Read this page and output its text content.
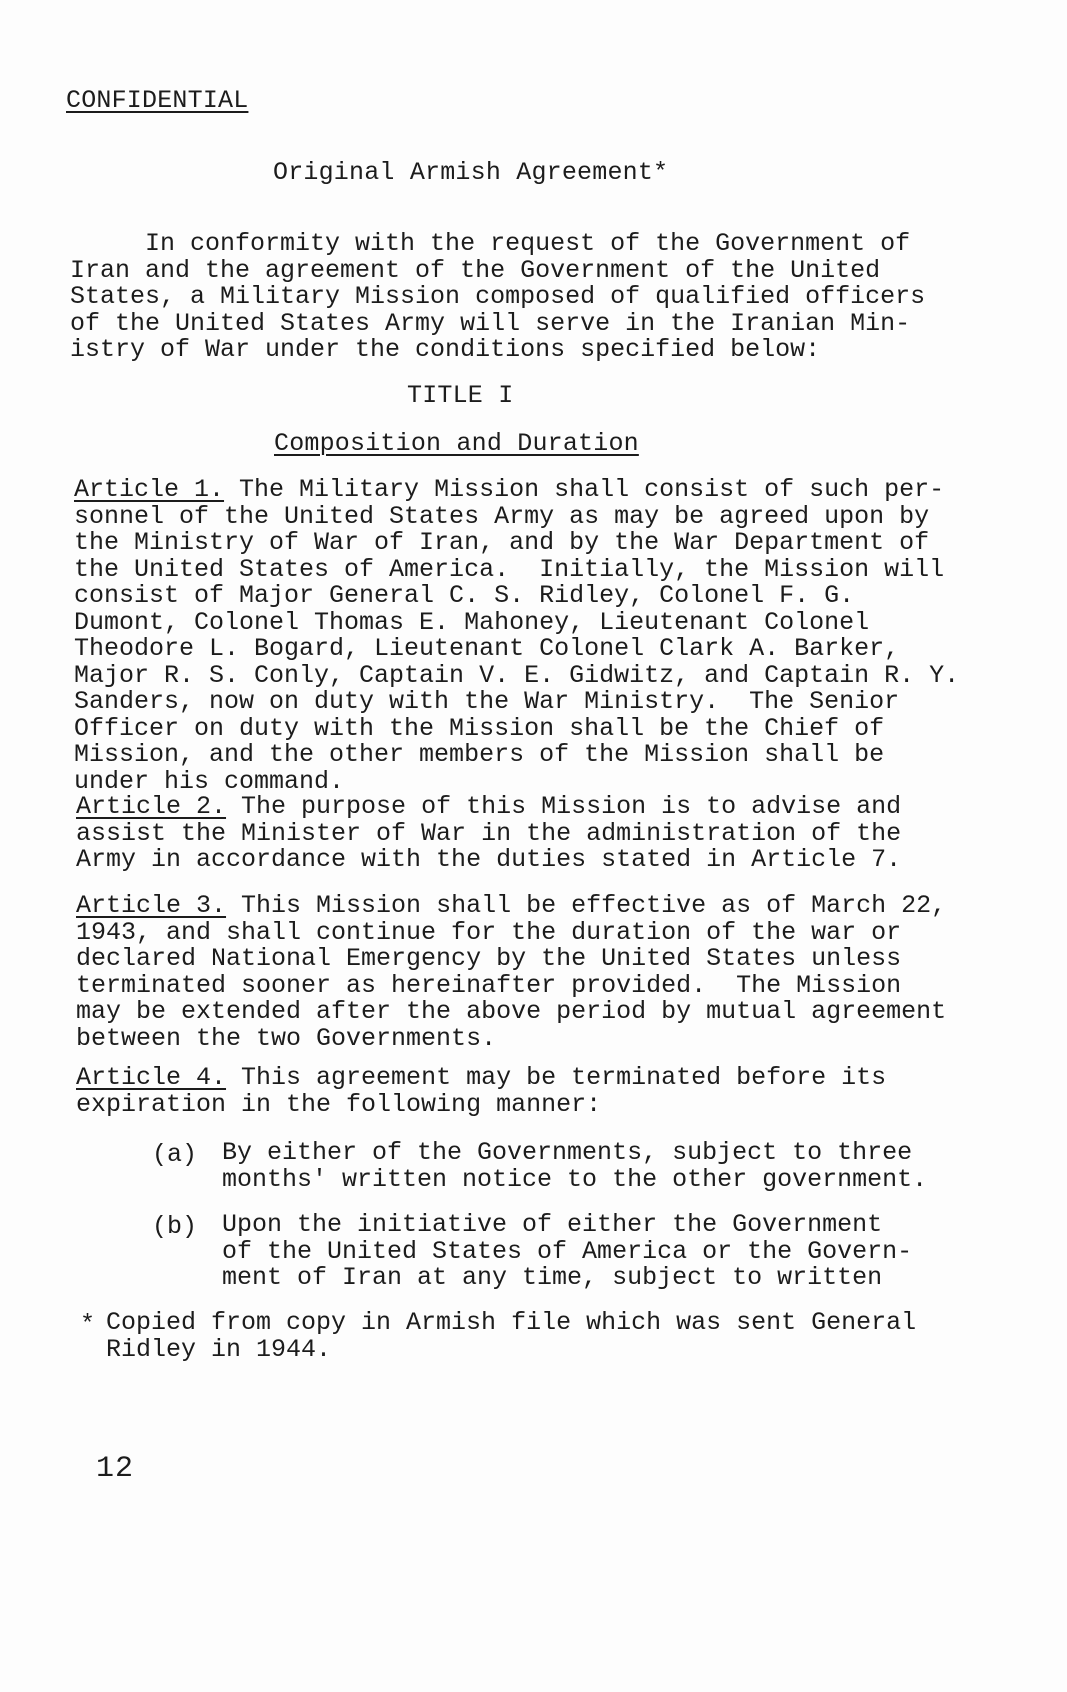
CONFIDENTIAL
Original Armish Agreement*
In conformity with the request of the Government of
Iran and the agreement of the Government of the United
States, a Military Mission composed of qualified officers
of the United States Army will serve in the Iranian Min-
istry of War under the conditions specified below:
TITLE I
Composition and Duration
Article 1. The Military Mission shall consist of such per-
sonnel of the United States Army as may be agreed upon by
the Ministry of War of Iran, and by the War Department of
the United States of America.  Initially, the Mission will
consist of Major General C. S. Ridley, Colonel F. G.
Dumont, Colonel Thomas E. Mahoney, Lieutenant Colonel
Theodore L. Bogard, Lieutenant Colonel Clark A. Barker,
Major R. S. Conly, Captain V. E. Gidwitz, and Captain R. Y.
Sanders, now on duty with the War Ministry.  The Senior
Officer on duty with the Mission shall be the Chief of
Mission, and the other members of the Mission shall be
under his command.
Article 2. The purpose of this Mission is to advise and
assist the Minister of War in the administration of the
Army in accordance with the duties stated in Article 7.
Article 3. This Mission shall be effective as of March 22,
1943, and shall continue for the duration of the war or
declared National Emergency by the United States unless
terminated sooner as hereinafter provided.  The Mission
may be extended after the above period by mutual agreement
between the two Governments.
Article 4. This agreement may be terminated before its
expiration in the following manner:
(a) By either of the Governments, subject to three
months' written notice to the other government.
(b) Upon the initiative of either the Government
of the United States of America or the Govern-
ment of Iran at any time, subject to written
* Copied from copy in Armish file which was sent General
Ridley in 1944.
12
